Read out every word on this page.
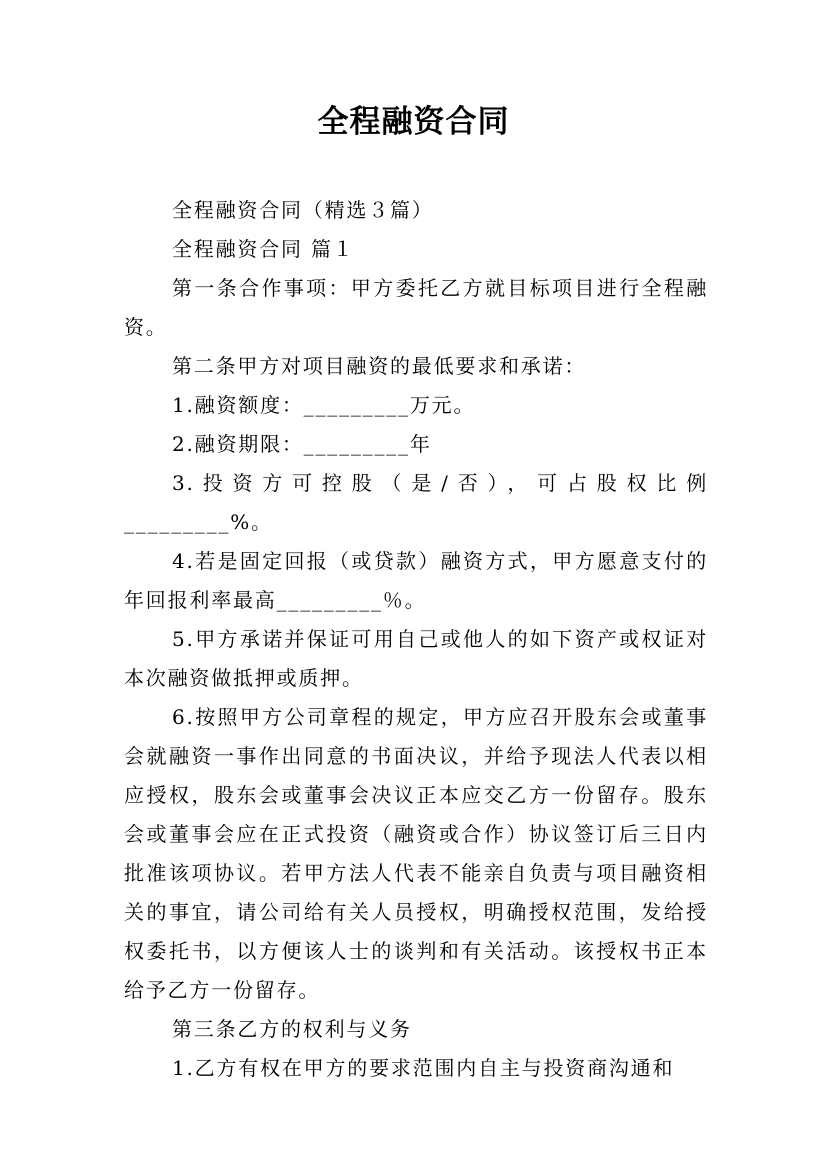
全程融资合同

全程融资合同（精选３篇）

全程融资合同 篇１

第一条合作事项：甲方委托乙方就目标项目进行全程融资。

第二条甲方对项目融资的最低要求和承诺：

1.融资额度：_________万元。

2.融资期限：_________年

3.投资方可控股（是/否），可占股权比例_________%。

4.若是固定回报（或贷款）融资方式，甲方愿意支付的年回报利率最高_________％。

5.甲方承诺并保证可用自己或他人的如下资产或权证对本次融资做抵押或质押。

6.按照甲方公司章程的规定，甲方应召开股东会或董事会就融资一事作出同意的书面决议，并给予现法人代表以相应授权，股东会或董事会决议正本应交乙方一份留存。股东会或董事会应在正式投资（融资或合作）协议签订后三日内批准该项协议。若甲方法人代表不能亲自负责与项目融资相关的事宜，请公司给有关人员授权，明确授权范围，发给授权委托书，以方便该人士的谈判和有关活动。该授权书正本给予乙方一份留存。

第三条乙方的权利与义务

1.乙方有权在甲方的要求范围内自主与投资商沟通和
